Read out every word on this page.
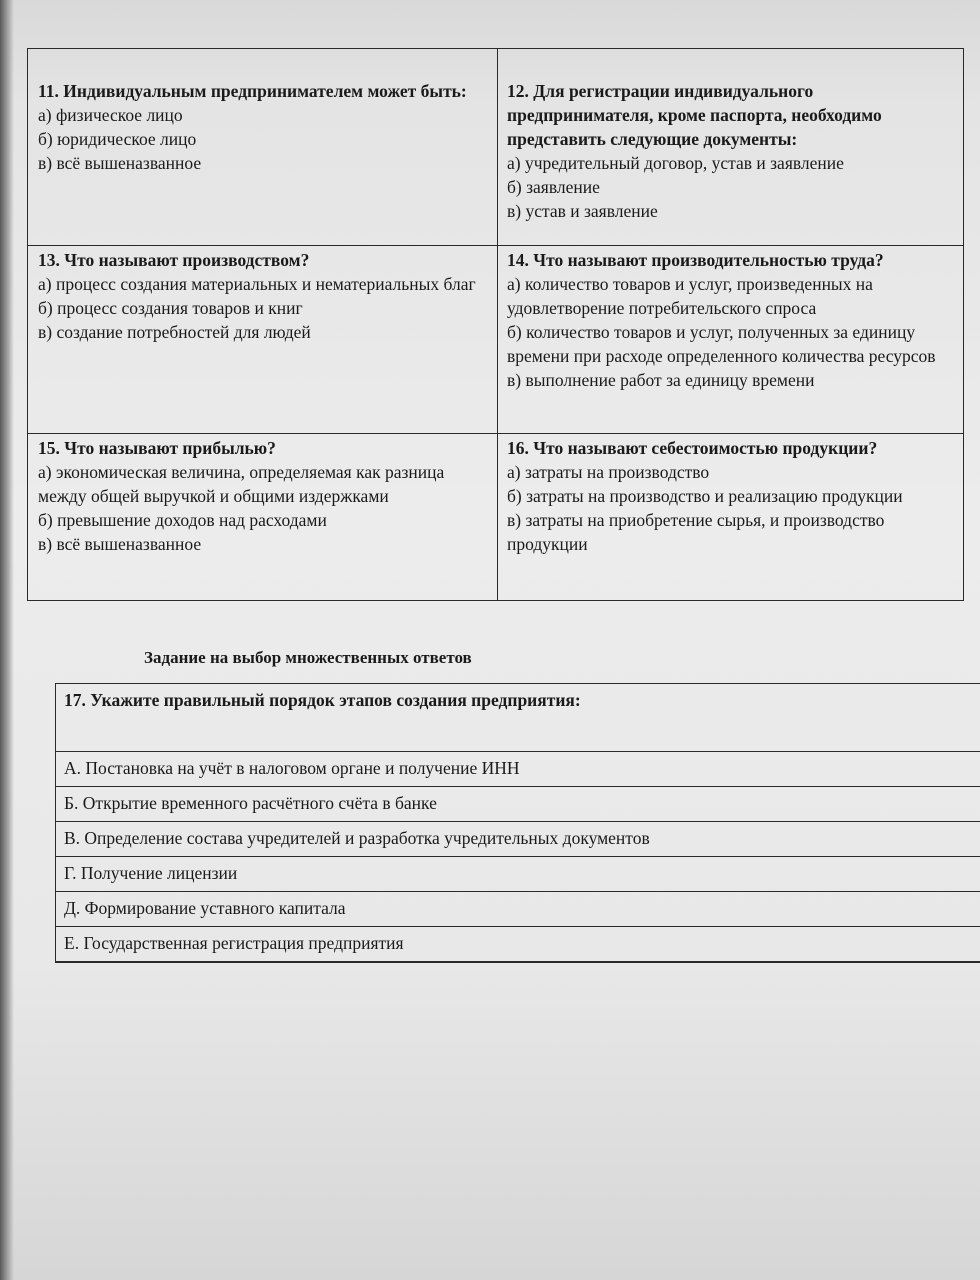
11. Индивидуальным предпринимателем может быть:
а) физическое лицо
б) юридическое лицо
в) всё вышеназванное
12. Для регистрации индивидуального предпринимателя, кроме паспорта, необходимо представить следующие документы:
а) учредительный договор, устав и заявление
б) заявление
в) устав и заявление
13. Что называют производством?
а) процесс создания материальных и нематериальных благ
б) процесс создания товаров и книг
в) создание потребностей для людей
14. Что называют производительностью труда?
а) количество товаров и услуг, произведенных на удовлетворение потребительского спроса
б) количество товаров и услуг, полученных за единицу времени при расходе определенного количества ресурсов
в) выполнение работ за единицу времени
15. Что называют прибылью?
а) экономическая величина, определяемая как разница между общей выручкой и общими издержками
б) превышение доходов над расходами
в) всё вышеназванное
16. Что называют себестоимостью продукции?
а) затраты на производство
б) затраты на производство и реализацию продукции
в) затраты на приобретение сырья, и производство продукции
Задание на выбор множественных ответов
17. Укажите правильный порядок этапов создания предприятия:
А. Постановка на учёт в налоговом органе и получение ИНН
Б. Открытие временного расчётного счёта в банке
В. Определение состава учредителей и разработка учредительных документов
Г. Получение лицензии
Д. Формирование уставного капитала
Е. Государственная регистрация предприятия
